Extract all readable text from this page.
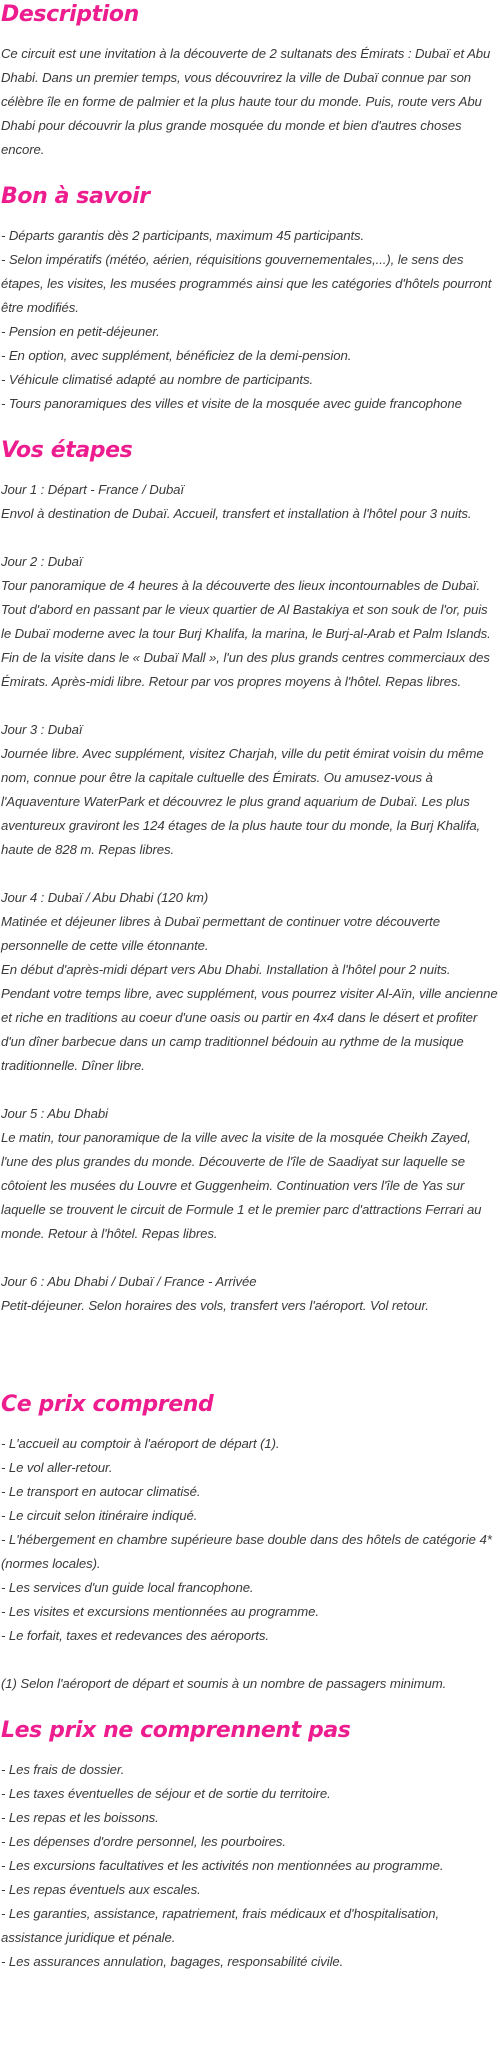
Description

Ce circuit est une invitation à la découverte de 2 sultanats des Émirats : Dubaï et Abu Dhabi. Dans un premier temps, vous découvrirez la ville de Dubaï connue par son célèbre île en forme de palmier et la plus haute tour du monde. Puis, route vers Abu Dhabi pour découvrir la plus grande mosquée du monde et bien d'autres choses encore.

Bon à savoir

- Départs garantis dès 2 participants, maximum 45 participants.

- Selon impératifs (météo, aérien, réquisitions gouvernementales,...), le sens des étapes, les visites, les musées programmés ainsi que les catégories d'hôtels pourront être modifiés.

- Pension en petit-déjeuner.

- En option, avec supplément, bénéficiez de la demi-pension.

- Véhicule climatisé adapté au nombre de participants.

- Tours panoramiques des villes et visite de la mosquée avec guide francophone

Vos étapes

Jour 1 : Départ - France / Dubaï

Envol à destination de Dubaï. Accueil, transfert et installation à l'hôtel pour 3 nuits.

Jour 2 : Dubaï

Tour panoramique de 4 heures à la découverte des lieux incontournables de Dubaï. Tout d'abord en passant par le vieux quartier de Al Bastakiya et son souk de l'or, puis le Dubaï moderne avec la tour Burj Khalifa, la marina, le Burj-al-Arab et Palm Islands. Fin de la visite dans le « Dubaï Mall », l'un des plus grands centres commerciaux des Émirats. Après-midi libre. Retour par vos propres moyens à l'hôtel. Repas libres.

Jour 3 : Dubaï

Journée libre. Avec supplément, visitez Charjah, ville du petit émirat voisin du même nom, connue pour être la capitale cultuelle des Émirats. Ou amusez-vous à l'Aquaventure WaterPark et découvrez le plus grand aquarium de Dubaï. Les plus aventureux graviront les 124 étages de la plus haute tour du monde, la Burj Khalifa, haute de 828 m. Repas libres.

Jour 4 : Dubaï / Abu Dhabi (120 km)

Matinée et déjeuner libres à Dubaï permettant de continuer votre découverte personnelle de cette ville étonnante.

En début d'après-midi départ vers Abu Dhabi. Installation à l'hôtel pour 2 nuits. Pendant votre temps libre, avec supplément, vous pourrez visiter Al-Aïn, ville ancienne et riche en traditions au coeur d'une oasis ou partir en 4x4 dans le désert et profiter d'un dîner barbecue dans un camp traditionnel bédouin au rythme de la musique traditionnelle. Dîner libre.

Jour 5 : Abu Dhabi

Le matin, tour panoramique de la ville avec la visite de la mosquée Cheikh Zayed, l'une des plus grandes du monde. Découverte de l'île de Saadiyat sur laquelle se côtoient les musées du Louvre et Guggenheim. Continuation vers l'île de Yas sur laquelle se trouvent le circuit de Formule 1 et le premier parc d'attractions Ferrari au monde. Retour à l'hôtel. Repas libres.

Jour 6 : Abu Dhabi / Dubaï / France - Arrivée

Petit-déjeuner. Selon horaires des vols, transfert vers l'aéroport. Vol retour.

Ce prix comprend

- L'accueil au comptoir à l'aéroport de départ (1).

- Le vol aller-retour.

- Le transport en autocar climatisé.

- Le circuit selon itinéraire indiqué.

- L'hébergement en chambre supérieure base double dans des hôtels de catégorie 4* (normes locales).

- Les services d'un guide local francophone.

- Les visites et excursions mentionnées au programme.

- Le forfait, taxes et redevances des aéroports.

(1) Selon l'aéroport de départ et soumis à un nombre de passagers minimum.

Les prix ne comprennent pas

- Les frais de dossier.

- Les taxes éventuelles de séjour et de sortie du territoire.

- Les repas et les boissons.

- Les dépenses d'ordre personnel, les pourboires.

- Les excursions facultatives et les activités non mentionnées au programme.

- Les repas éventuels aux escales.

- Les garanties, assistance, rapatriement, frais médicaux et d'hospitalisation, assistance juridique et pénale.

- Les assurances annulation, bagages, responsabilité civile.
